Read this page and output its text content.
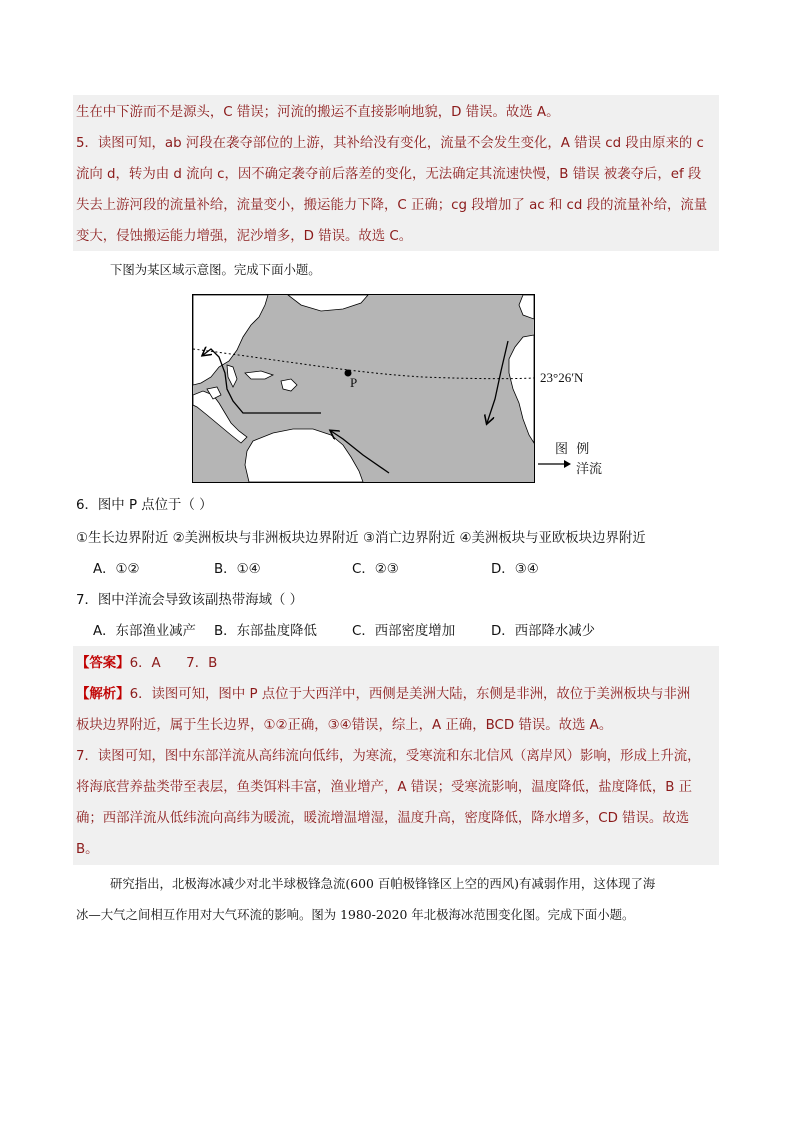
生在中下游而不是源头，C 错误；河流的搬运不直接影响地貌，D 错误。故选 A。
5．读图可知，ab 河段在袭夺部位的上游，其补给没有变化，流量不会发生变化，A 错误 cd 段由原来的 c
流向 d，转为由 d 流向 c，因不确定袭夺前后落差的变化，无法确定其流速快慢，B 错误 被袭夺后，ef 段
失去上游河段的流量补给，流量变小，搬运能力下降，C 正确；cg 段增加了 ac 和 cd 段的流量补给，流量
变大，侵蚀搬运能力增强，泥沙增多，D 错误。故选 C。
下图为某区域示意图。完成下面小题。
P	23°26′N
图  例
洋流
6．图中 P 点位于（ ）
①生长边界附近 ②美洲板块与非洲板块边界附近 ③消亡边界附近 ④美洲板块与亚欧板块边界附近
A．①②	B．①④	C．②③	D．③④
7．图中洋流会导致该副热带海域（ ）
A．东部渔业减产 B．东部盐度降低	C．西部密度增加	D．西部降水减少
【答案】6．A      7．B
【解析】6．读图可知，图中 P 点位于大西洋中，西侧是美洲大陆，东侧是非洲，故位于美洲板块与非洲
板块边界附近，属于生长边界，①②正确，③④错误，综上，A 正确，BCD 错误。故选 A。
7．读图可知，图中东部洋流从高纬流向低纬，为寒流，受寒流和东北信风（离岸风）影响，形成上升流，
将海底营养盐类带至表层，鱼类饵料丰富，渔业增产，A 错误；受寒流影响，温度降低，盐度降低，B 正
确；西部洋流从低纬流向高纬为暖流，暖流增温增湿，温度升高，密度降低，降水增多，CD 错误。故选
B。
研究指出，北极海冰减少对北半球极锋急流(600 百帕极锋锋区上空的西风)有减弱作用，这体现了海
冰—大气之间相互作用对大气环流的影响。图为 1980-2020 年北极海冰范围变化图。完成下面小题。
